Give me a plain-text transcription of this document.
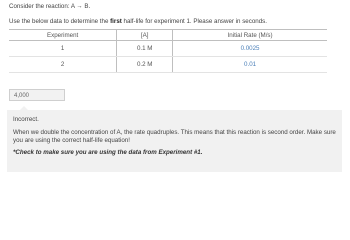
Consider the reaction: A → B.
Use the below data to determine the first half-life for experiment 1. Please answer in seconds.
Experiment	[A]	Initial Rate (M/s)
1	0.1 M	0.0025
2	0.2 M	0.01
4,000
Incorrect.
When we double the concentration of A, the rate quadruples. This means that this reaction is second order. Make sure you are using the correct half-life equation!
*Check to make sure you are using the data from Experiment #1.
